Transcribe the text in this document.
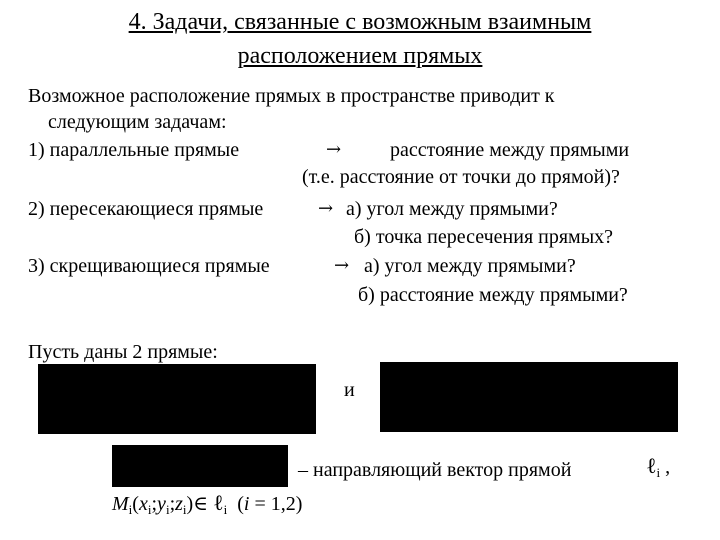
4. Задачи, связанные с возможным взаимным
расположением прямых
Возможное расположение прямых в пространстве приводит к
следующим задачам:
1) параллельные прямые	→ расстояние между прямыми
(т.е. расстояние от точки до прямой)?
2) пересекающиеся прямые	→ а) угол между прямыми?
б) точка пересечения прямых?
3) скрещивающиеся прямые	→ а) угол между прямыми?
б) расстояние между прямыми?
Пусть даны 2 прямые:
и
– направляющий вектор прямой	ℓ$_i$ ,
$M_i(x_i;y_i;z_i)\in$ ℓ$_i$  (i = 1,2)
